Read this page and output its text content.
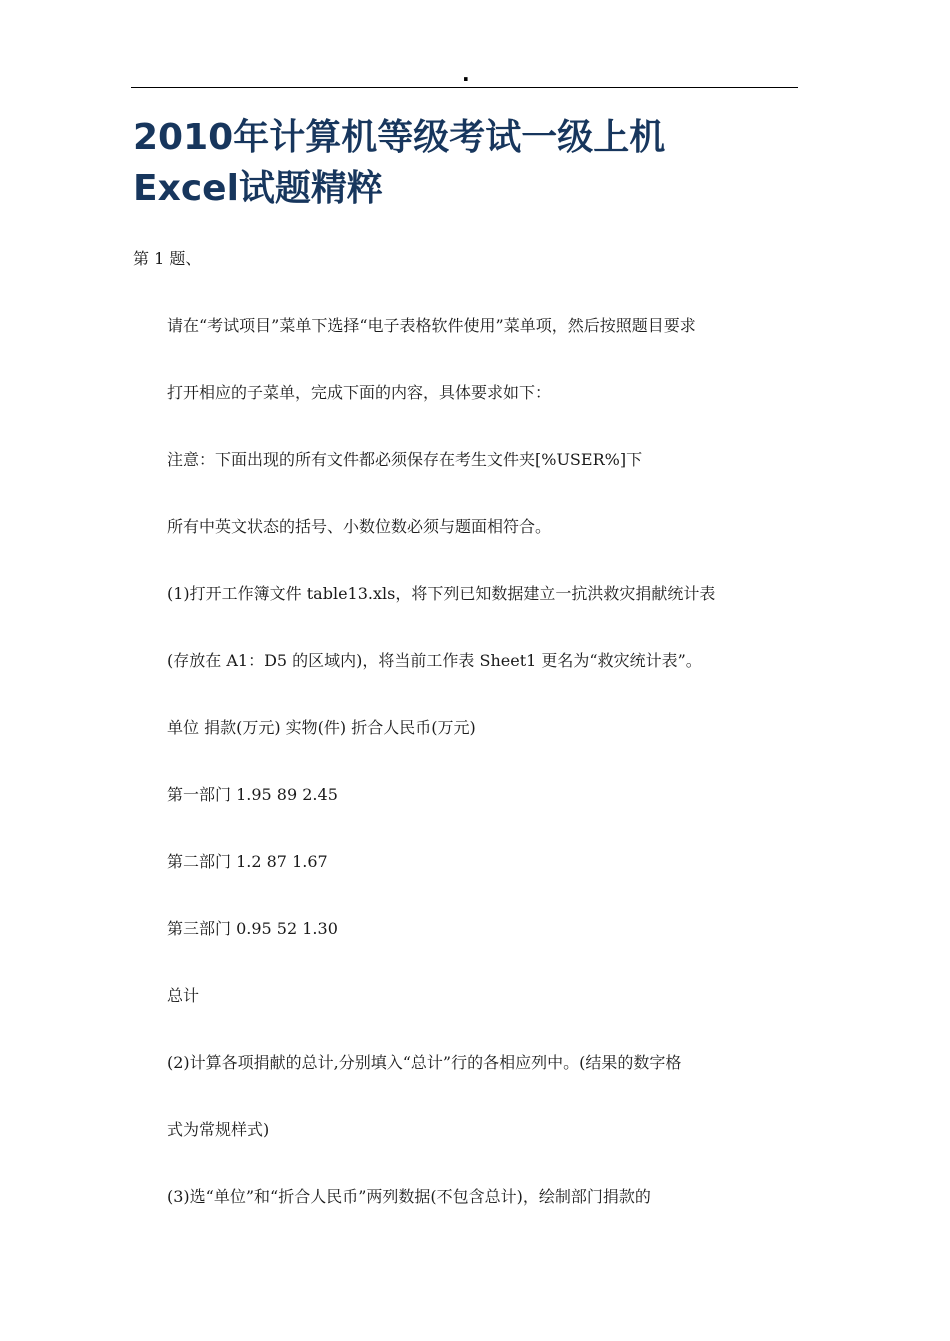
.
2010年计算机等级考试一级上机
Excel试题精粹
第 1 题、
请在“考试项目”菜单下选择“电子表格软件使用”菜单项，然后按照题目要求
打开相应的子菜单，完成下面的内容，具体要求如下：
注意：下面出现的所有文件都必须保存在考生文件夹[%USER%]下
所有中英文状态的括号、小数位数必须与题面相符合。
(1)打开工作簿文件 table13.xls，将下列已知数据建立一抗洪救灾捐献统计表
(存放在 A1：D5 的区域内)，将当前工作表 Sheet1 更名为“救灾统计表”。
单位 捐款(万元) 实物(件) 折合人民币(万元)
第一部门 1.95 89 2.45
第二部门 1.2 87 1.67
第三部门 0.95 52 1.30
总计
(2)计算各项捐献的总计,分别填入“总计”行的各相应列中。(结果的数字格
式为常规样式)
(3)选“单位”和“折合人民币”两列数据(不包含总计)，绘制部门捐款的
